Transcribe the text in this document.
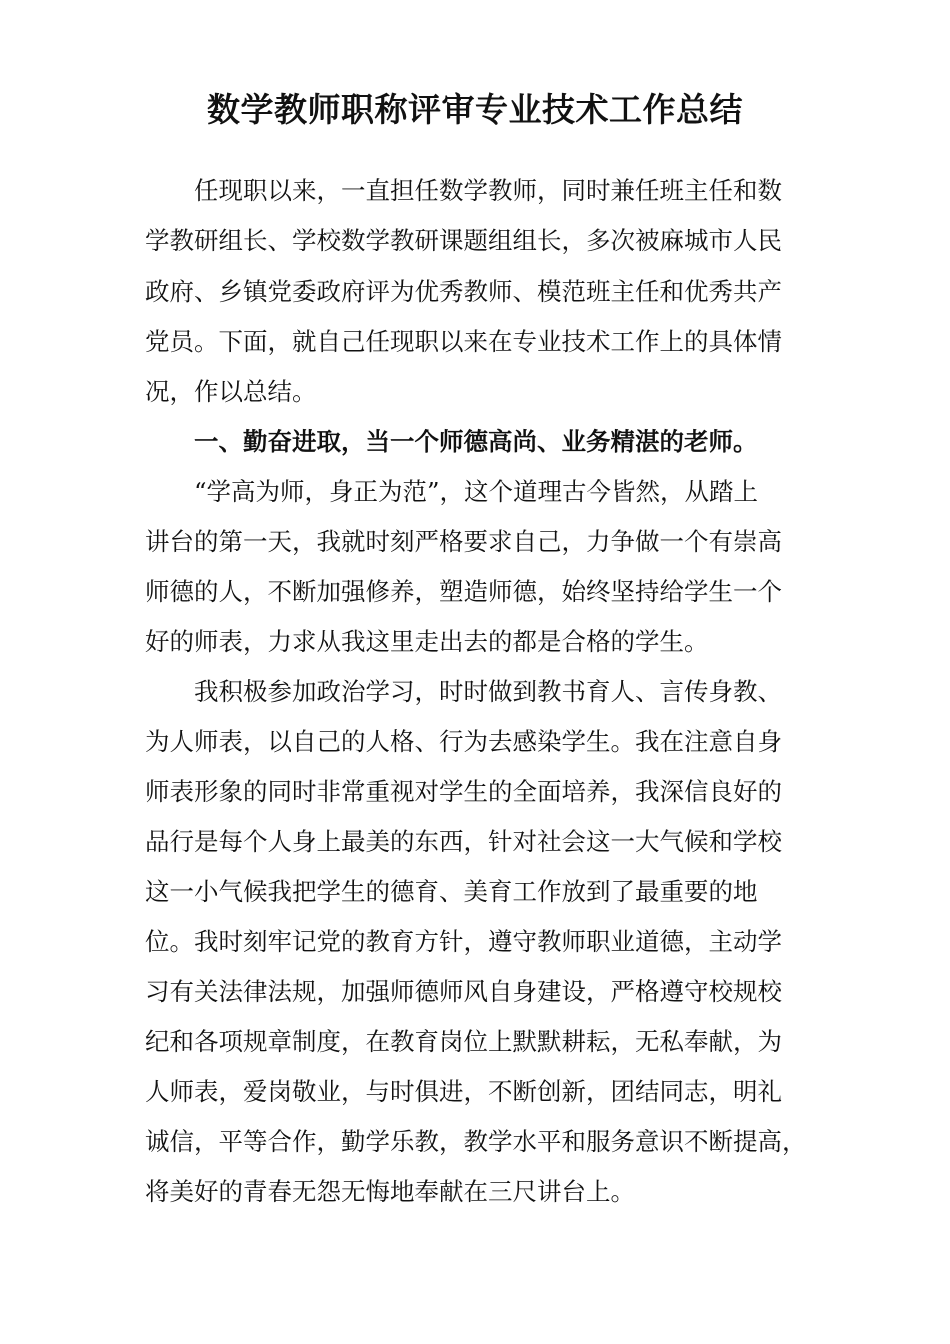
数学教师职称评审专业技术工作总结
　　任现职以来，一直担任数学教师，同时兼任班主任和数
学教研组长、学校数学教研课题组组长，多次被麻城市人民
政府、乡镇党委政府评为优秀教师、模范班主任和优秀共产
党员。下面，就自己任现职以来在专业技术工作上的具体情
况，作以总结。
　　一、勤奋进取，当一个师德高尚、业务精湛的老师。
　　“学高为师，身正为范”，这个道理古今皆然，从踏上
讲台的第一天，我就时刻严格要求自己，力争做一个有崇高
师德的人，不断加强修养，塑造师德，始终坚持给学生一个
好的师表，力求从我这里走出去的都是合格的学生。
　　我积极参加政治学习，时时做到教书育人、言传身教、
为人师表，以自己的人格、行为去感染学生。我在注意自身
师表形象的同时非常重视对学生的全面培养，我深信良好的
品行是每个人身上最美的东西，针对社会这一大气候和学校
这一小气候我把学生的德育、美育工作放到了最重要的地
位。我时刻牢记党的教育方针，遵守教师职业道德，主动学
习有关法律法规，加强师德师风自身建设，严格遵守校规校
纪和各项规章制度，在教育岗位上默默耕耘，无私奉献，为
人师表，爱岗敬业，与时俱进，不断创新，团结同志，明礼
诚信，平等合作，勤学乐教，教学水平和服务意识不断提高，
将美好的青春无怨无悔地奉献在三尺讲台上。
